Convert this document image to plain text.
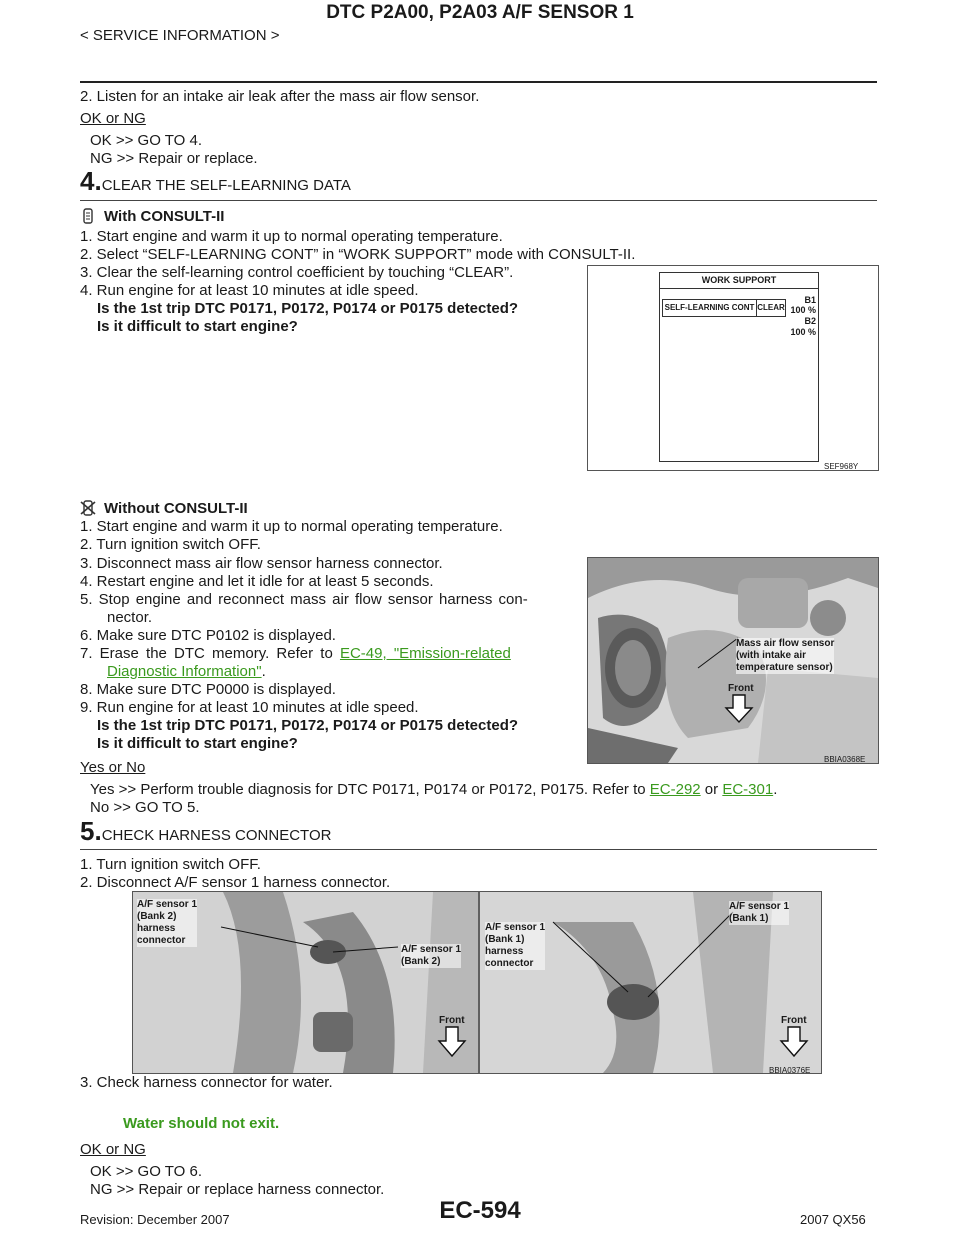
DTC P2A00, P2A03 A/F SENSOR 1
< SERVICE INFORMATION >
2. Listen for an intake air leak after the mass air flow sensor.
OK or NG
OK >> GO TO 4.
NG >> Repair or replace.
4.CLEAR THE SELF-LEARNING DATA
With CONSULT-II
1. Start engine and warm it up to normal operating temperature.
2. Select “SELF-LEARNING CONT” in “WORK SUPPORT” mode with CONSULT-II.
3. Clear the self-learning control coefficient by touching “CLEAR”.
4. Run engine for at least 10 minutes at idle speed.
Is the 1st trip DTC P0171, P0172, P0174 or P0175 detected?
Is it difficult to start engine?
WORK SUPPORT
SELF-LEARNING CONT CLEAR
B1
100 %
B2
100 %
SEF968Y
Without CONSULT-II
1. Start engine and warm it up to normal operating temperature.
2. Turn ignition switch OFF.
3. Disconnect mass air flow sensor harness connector.
4. Restart engine and let it idle for at least 5 seconds.
5. Stop engine and reconnect mass air flow sensor harness con-
nector.
6. Make sure DTC P0102 is displayed.
7. Erase the DTC memory. Refer to EC-49, "Emission-related
Diagnostic Information".
8. Make sure DTC P0000 is displayed.
9. Run engine for at least 10 minutes at idle speed.
Is the 1st trip DTC P0171, P0172, P0174 or P0175 detected?
Is it difficult to start engine?
Mass air flow sensor
(with intake air
temperature sensor)
Front
BBIA0368E
Yes or No
Yes >> Perform trouble diagnosis for DTC P0171, P0174 or P0172, P0175. Refer to EC-292 or EC-301.
No >> GO TO 5.
5.CHECK HARNESS CONNECTOR
1. Turn ignition switch OFF.
2. Disconnect A/F sensor 1 harness connector.
A/F sensor 1
(Bank 2)
harness
connector
A/F sensor 1
(Bank 2)
A/F sensor 1
(Bank 1)
harness
connector
A/F sensor 1
(Bank 1)
Front	Front
BBIA0376E
3. Check harness connector for water.
Water should not exit.
OK or NG
OK >> GO TO 6.
NG >> Repair or replace harness connector.
EC-594
Revision: December 2007	2007 QX56
